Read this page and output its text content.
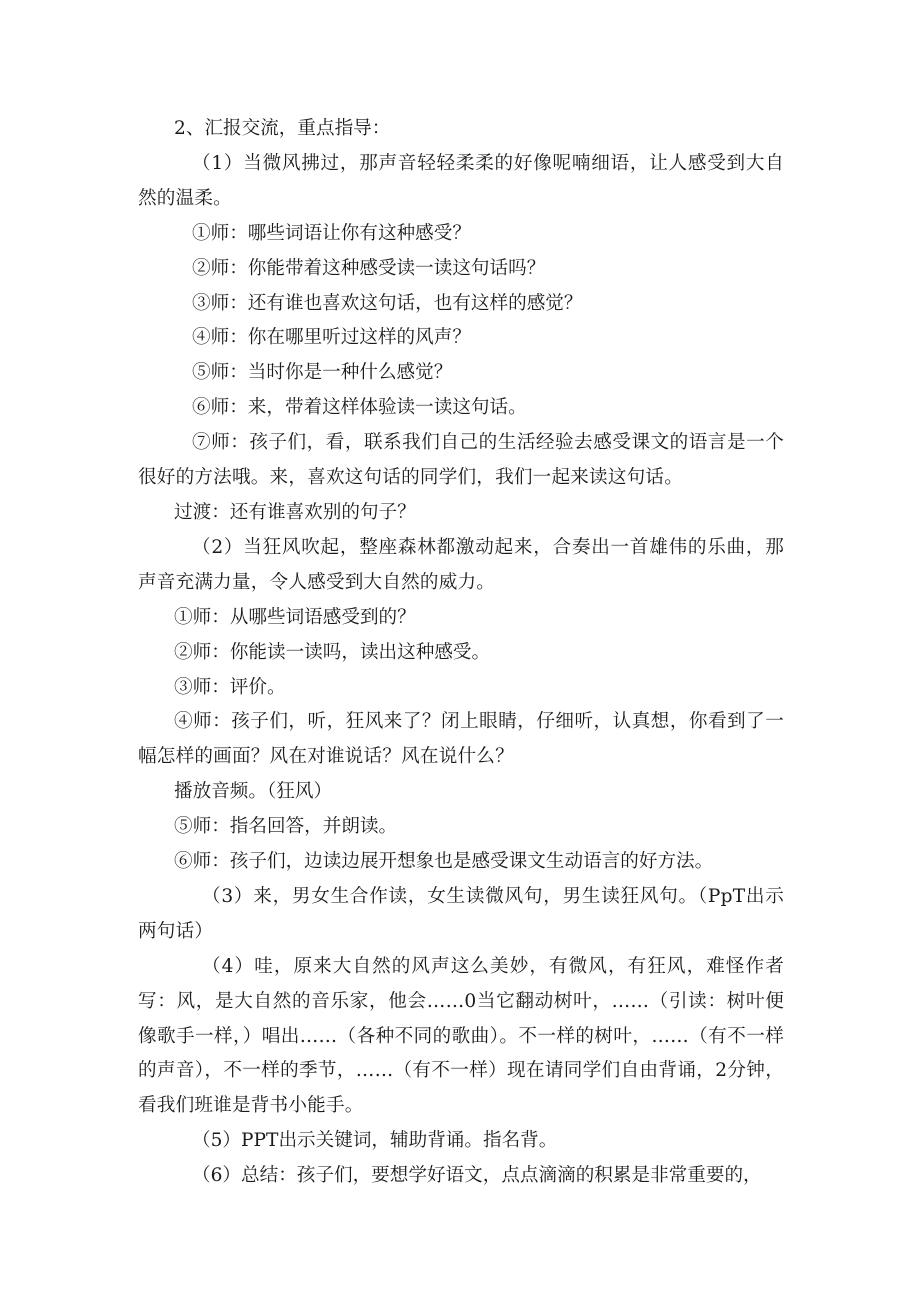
2、汇报交流，重点指导：

（1）当微风拂过，那声音轻轻柔柔的好像呢喃细语，让人感受到大自然的温柔。

①师：哪些词语让你有这种感受？

②师：你能带着这种感受读一读这句话吗？

③师：还有谁也喜欢这句话，也有这样的感觉？

④师：你在哪里听过这样的风声？

⑤师：当时你是一种什么感觉？

⑥师：来，带着这样体验读一读这句话。

⑦师：孩子们，看，联系我们自己的生活经验去感受课文的语言是一个很好的方法哦。来，喜欢这句话的同学们，我们一起来读这句话。

过渡：还有谁喜欢别的句子？

（2）当狂风吹起，整座森林都激动起来，合奏出一首雄伟的乐曲，那声音充满力量，令人感受到大自然的威力。

①师：从哪些词语感受到的？

②师：你能读一读吗，读出这种感受。

③师：评价。

④师：孩子们，听，狂风来了？闭上眼睛，仔细听，认真想，你看到了一幅怎样的画面？风在对谁说话？风在说什么？

播放音频。（狂风）

⑤师：指名回答，并朗读。

⑥师：孩子们，边读边展开想象也是感受课文生动语言的好方法。

（3）来，男女生合作读，女生读微风句，男生读狂风句。（PpT出示两句话）

（4）哇，原来大自然的风声这么美妙，有微风，有狂风，难怪作者写：风，是大自然的音乐家，他会……0当它翻动树叶，……（引读：树叶便像歌手一样，）唱出……（各种不同的歌曲）。不一样的树叶，……（有不一样的声音），不一样的季节，……（有不一样）现在请同学们自由背诵，2分钟，看我们班谁是背书小能手。

（5）PPT出示关键词，辅助背诵。指名背。

（6）总结：孩子们，要想学好语文，点点滴滴的积累是非常重要的，
